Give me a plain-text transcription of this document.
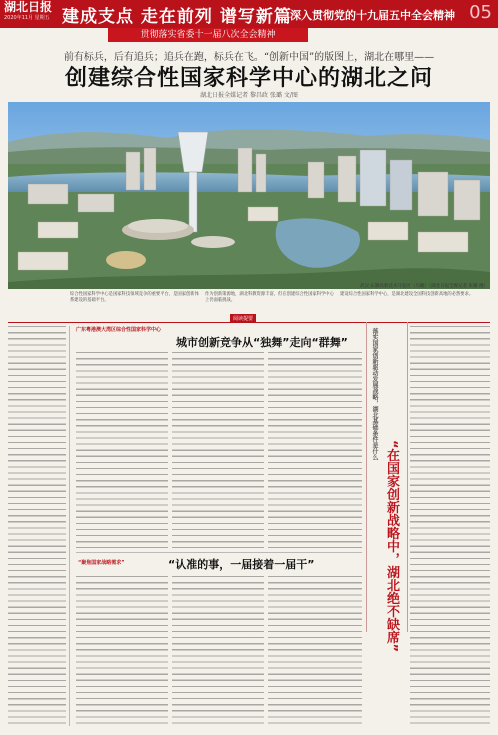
湖北日报
2020年11月 星期五 建成支点 走在前列 谱写新篇
深入贯彻党的十九届五中全会精神 05
贯彻落实省委十一届八次全会精神
前有标兵，后有追兵；追兵在跑，标兵在飞。“创新中国”的版图上，湖北在哪里——
创建综合性国家科学中心的湖北之问
湖北日报全媒记者 黎昌政 张璐 文/图
武汉·东湖高新技术开发区（鸟瞰）（湖北日报全媒记者 张璐 摄）
综合性国家科学中心是国家科技领域竞争的重要平台，是国家创新体系建设的基础平台。
作为创新策源地，湖北科教资源丰富，但在创建综合性国家科学中心上仍面临挑战。
建设综合性国家科学中心，是湖北建设全国科技创新高地的必然要求。
阅读提要
广东粤港澳大湾区综合性国家科学中心
城市创新竞争从“独舞”走向“群舞”
“聚焦国家战略需求”	“认准的事，一届接着一届干”
落实国家创新驱动发展战略，湖北基础条件是什么
“在国家创新战略中，湖北绝不缺席”
